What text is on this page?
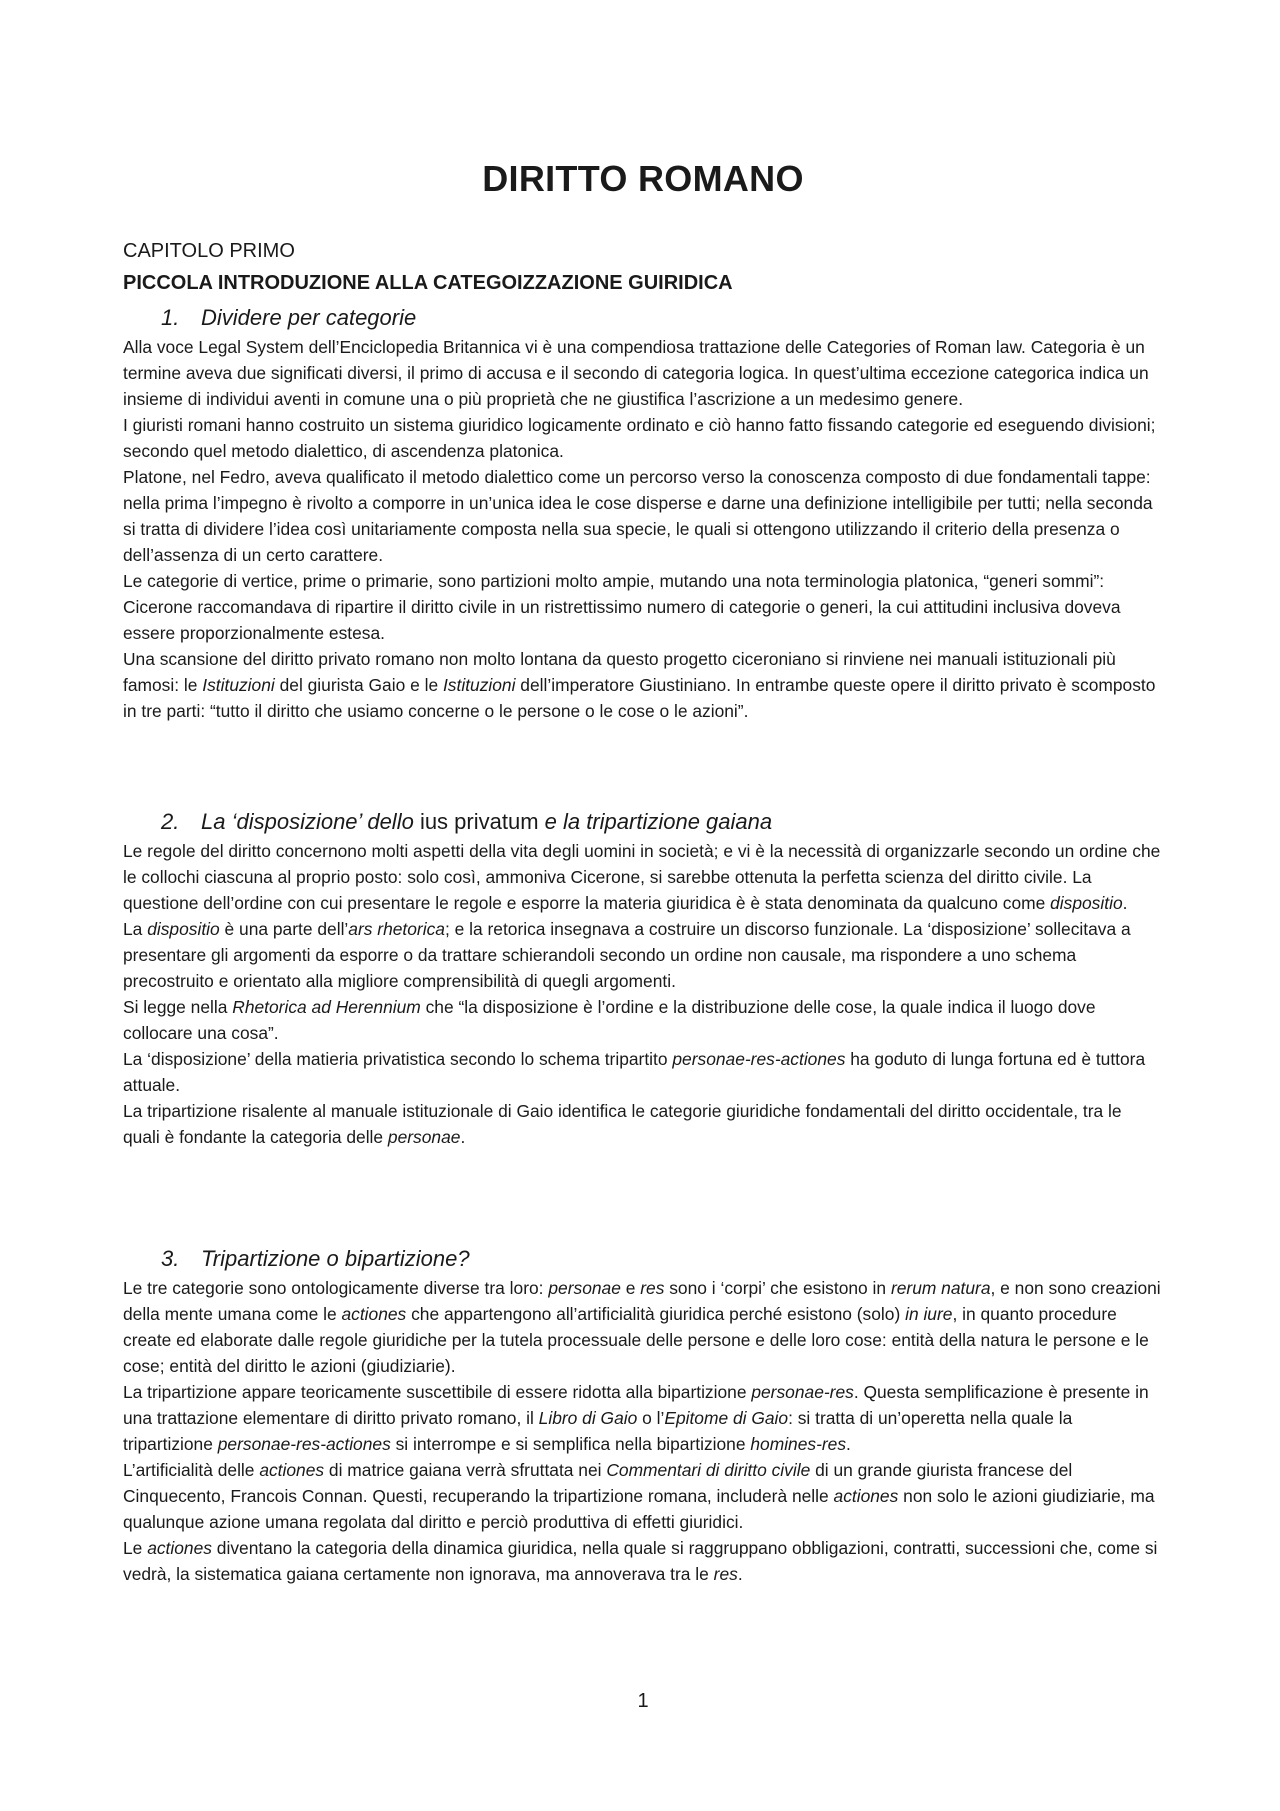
DIRITTO ROMANO
CAPITOLO PRIMO
PICCOLA INTRODUZIONE ALLA CATEGOIZZAZIONE GUIRIDICA
1. Dividere per categorie

Alla voce Legal System dell’Enciclopedia Britannica vi è una compendiosa trattazione delle Categories of Roman law. Categoria è un termine aveva due significati diversi, il primo di accusa e il secondo di categoria logica. In quest’ultima eccezione categorica indica un insieme di individui aventi in comune una o più proprietà che ne giustifica l’ascrizione a un medesimo genere.

I giuristi romani hanno costruito un sistema giuridico logicamente ordinato e ciò hanno fatto fissando categorie ed eseguendo divisioni; secondo quel metodo dialettico, di ascendenza platonica.

Platone, nel Fedro, aveva qualificato il metodo dialettico come un percorso verso la conoscenza composto di due fondamentali tappe: nella prima l’impegno è rivolto a comporre in un’unica idea le cose disperse e darne una definizione intelligibile per tutti; nella seconda si tratta di dividere l’idea così unitariamente composta nella sua specie, le quali si ottengono utilizzando il criterio della presenza o dell’assenza di un certo carattere.

Le categorie di vertice, prime o primarie, sono partizioni molto ampie, mutando una nota terminologia platonica, “generi sommi”: Cicerone raccomandava di ripartire il diritto civile in un ristrettissimo numero di categorie o generi, la cui attitudini inclusiva doveva essere proporzionalmente estesa.

Una scansione del diritto privato romano non molto lontana da questo progetto ciceroniano si rinviene nei manuali istituzionali più famosi: le Istituzioni del giurista Gaio e le Istituzioni dell’imperatore Giustiniano. In entrambe queste opere il diritto privato è scomposto in tre parti: “tutto il diritto che usiamo concerne o le persone o le cose o le azioni”.

2. La ‘disposizione’ dello ius privatum e la tripartizione gaiana

Le regole del diritto concernono molti aspetti della vita degli uomini in società; e vi è la necessità di organizzarle secondo un ordine che le collochi ciascuna al proprio posto: solo così, ammoniva Cicerone, si sarebbe ottenuta la perfetta scienza del diritto civile. La questione dell’ordine con cui presentare le regole e esporre la materia giuridica è è stata denominata da qualcuno come dispositio.

La dispositio è una parte dell’ars rhetorica; e la retorica insegnava a costruire un discorso funzionale. La ‘disposizione’ sollecitava a presentare gli argomenti da esporre o da trattare schierandoli secondo un ordine non causale, ma rispondere a uno schema precostruito e orientato alla migliore comprensibilità di quegli argomenti.

Si legge nella Rhetorica ad Herennium che “la disposizione è l’ordine e la distribuzione delle cose, la quale indica il luogo dove collocare una cosa”.

La ‘disposizione’ della matieria privatistica secondo lo schema tripartito personae-res-actiones ha goduto di lunga fortuna ed è tuttora attuale.

La tripartizione risalente al manuale istituzionale di Gaio identifica le categorie giuridiche fondamentali del diritto occidentale, tra le quali è fondante la categoria delle personae.

3. Tripartizione o bipartizione?

Le tre categorie sono ontologicamente diverse tra loro: personae e res sono i ‘corpi’ che esistono in rerum natura, e non sono creazioni della mente umana come le actiones che appartengono all’artificialità giuridica perché esistono (solo) in iure, in quanto procedure create ed elaborate dalle regole giuridiche per la tutela processuale delle persone e delle loro cose: entità della natura le persone e le cose; entità del diritto le azioni (giudiziarie).

La tripartizione appare teoricamente suscettibile di essere ridotta alla bipartizione personae-res. Questa semplificazione è presente in una trattazione elementare di diritto privato romano, il Libro di Gaio o l’Epitome di Gaio: si tratta di un’operetta nella quale la tripartizione personae-res-actiones si interrompe e si semplifica nella bipartizione homines-res.

L’artificialità delle actiones di matrice gaiana verrà sfruttata nei Commentari di diritto civile di un grande giurista francese del Cinquecento, Francois Connan. Questi, recuperando la tripartizione romana, includerà nelle actiones non solo le azioni giudiziarie, ma qualunque azione umana regolata dal diritto e perciò produttiva di effetti giuridici.

Le actiones diventano la categoria della dinamica giuridica, nella quale si raggruppano obbligazioni, contratti, successioni che, come si vedrà, la sistematica gaiana certamente non ignorava, ma annoverava tra le res.

1
